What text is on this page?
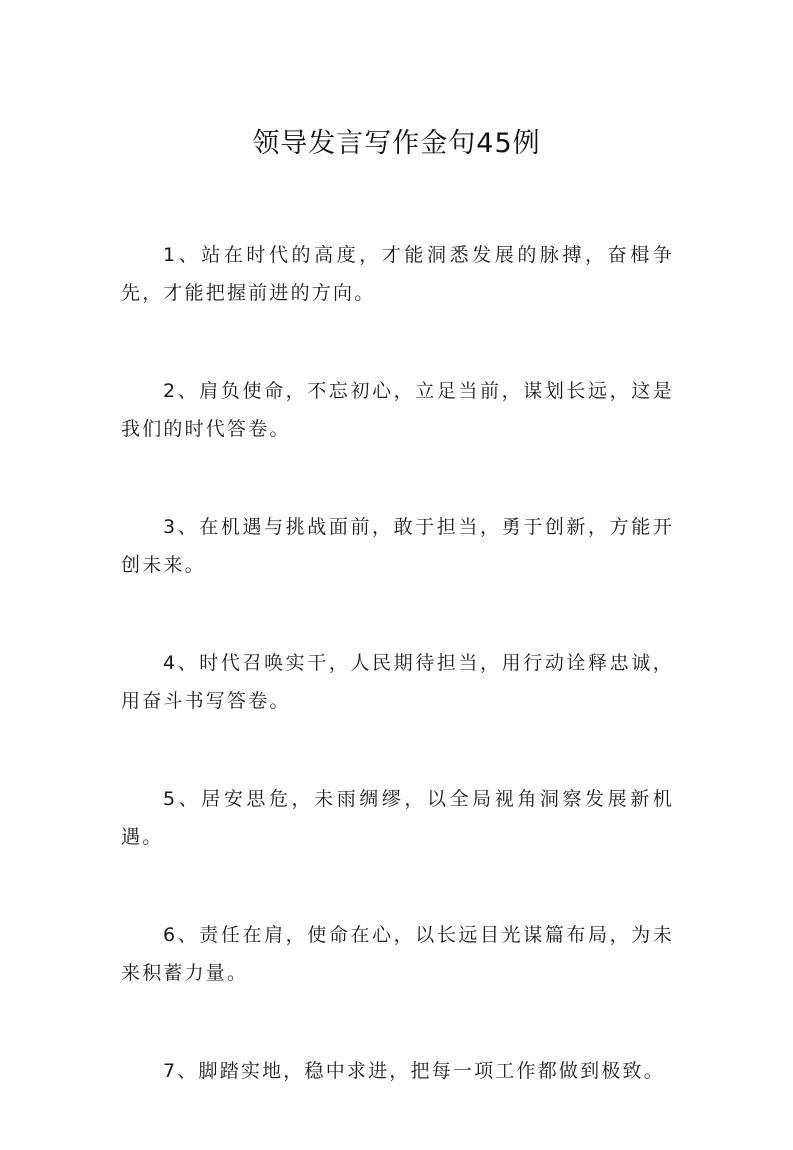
领导发言写作金句45例
1、站在时代的高度，才能洞悉发展的脉搏，奋楫争先，才能把握前进的方向。
2、肩负使命，不忘初心，立足当前，谋划长远，这是我们的时代答卷。
3、在机遇与挑战面前，敢于担当，勇于创新，方能开创未来。
4、时代召唤实干，人民期待担当，用行动诠释忠诚，用奋斗书写答卷。
5、居安思危，未雨绸缪，以全局视角洞察发展新机遇。
6、责任在肩，使命在心，以长远目光谋篇布局，为未来积蓄力量。
7、脚踏实地，稳中求进，把每一项工作都做到极致。
